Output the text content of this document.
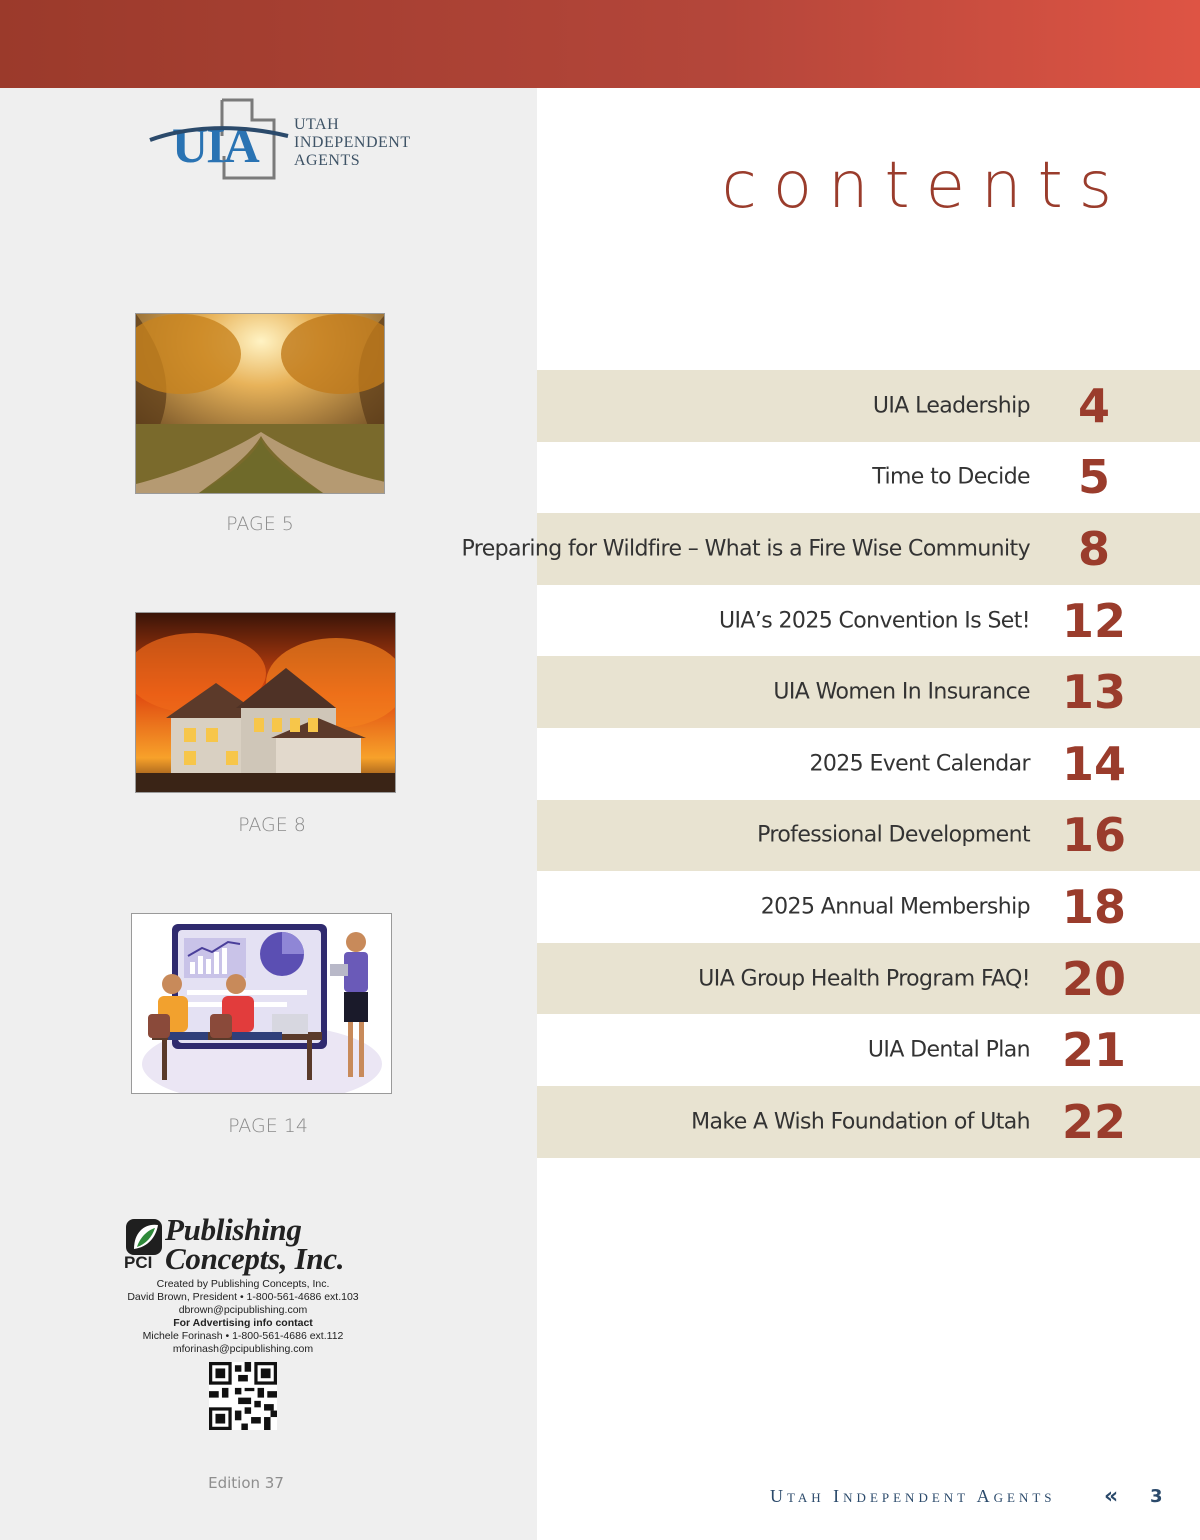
UIA UTAH
INDEPENDENT
AGENTS
PAGE 5
PAGE 8
PAGE 14
Publishing
Concepts, Inc.
PCI
Created by Publishing Concepts, Inc.
David Brown, President • 1-800-561-4686 ext.103
dbrown@pcipublishing.com
For Advertising info contact
Michele Forinash • 1-800-561-4686 ext.112
mforinash@pcipublishing.com
Edition 37
contents
UIA Leadership	4
Time to Decide	5
Preparing for Wildfire – What is a Fire Wise Community	8
UIA’s 2025 Convention Is Set! 12
UIA Women In Insurance 13
2025 Event Calendar 14
Professional Development 16
2025 Annual Membership 18
UIA Group Health Program FAQ! 20
UIA Dental Plan 21
Make A Wish Foundation of Utah 22
Utah Independent Agents « 3
